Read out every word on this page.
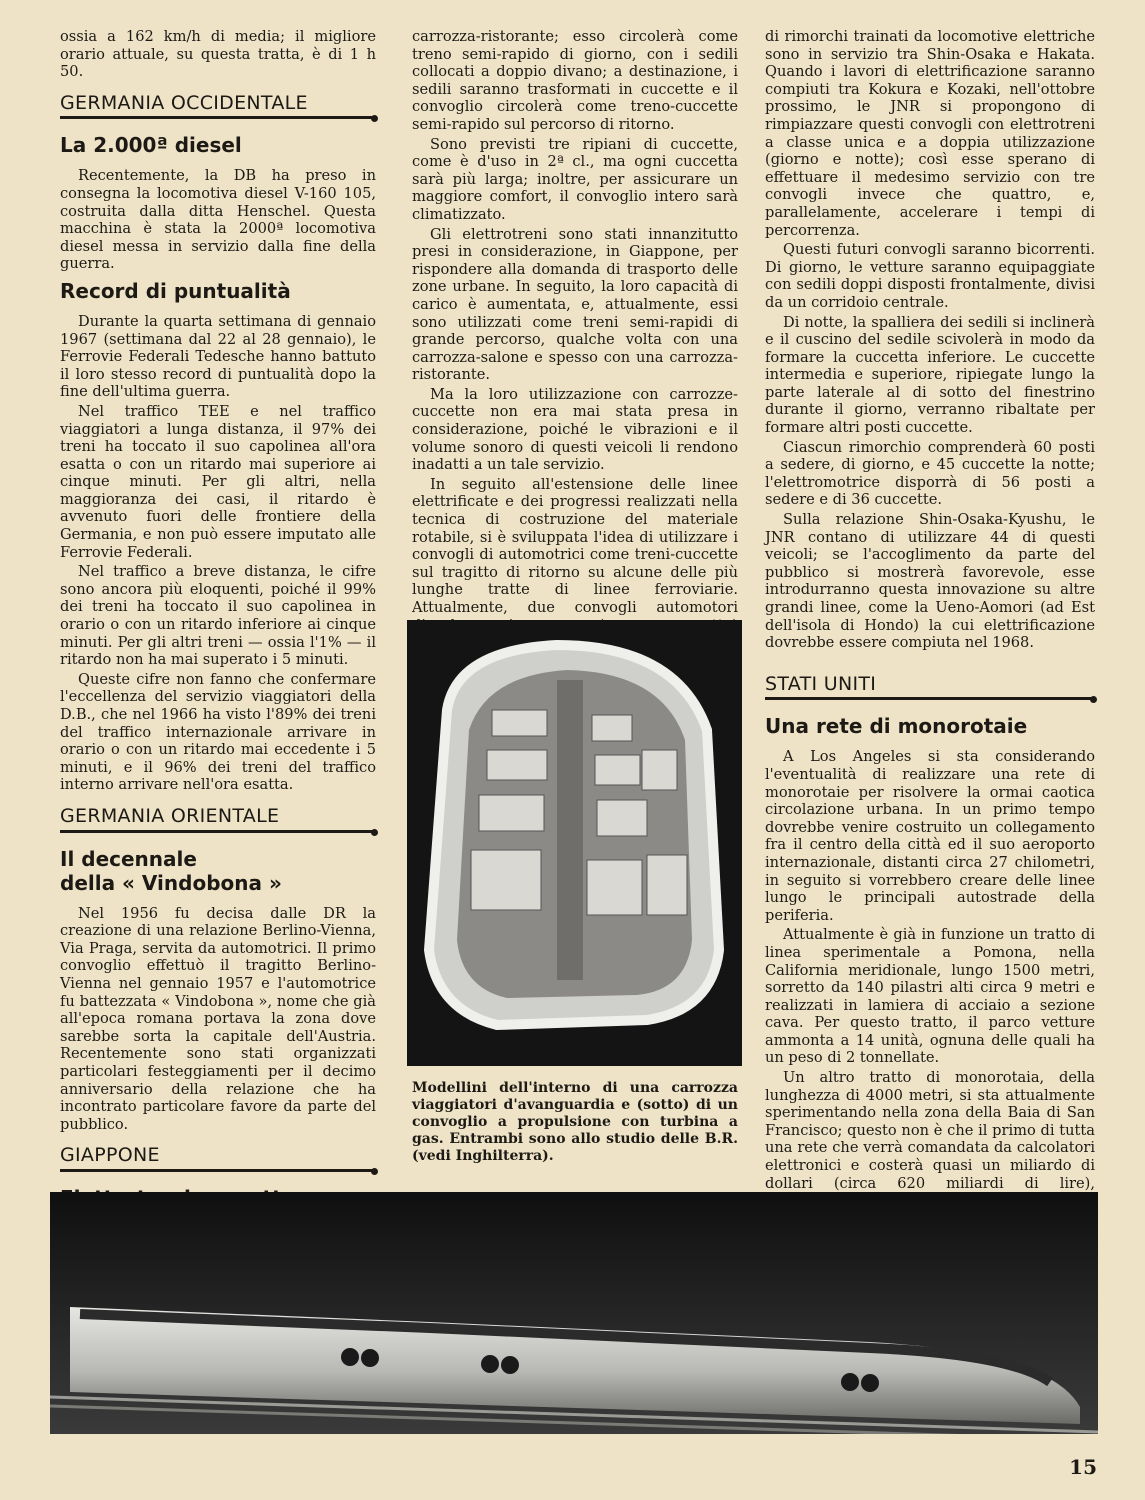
ossia a 162 km/h di media; il migliore orario attuale, su questa tratta, è di 1 h 50.

GERMANIA OCCIDENTALE
La 2.000ª diesel

Recentemente, la DB ha preso in consegna la locomotiva diesel V-160 105, costruita dalla ditta Henschel. Questa macchina è stata la 2000ª locomotiva diesel messa in servizio dalla fine della guerra.

Record di puntualità

Durante la quarta settimana di gennaio 1967 (settimana dal 22 al 28 gennaio), le Ferrovie Federali Tedesche hanno battuto il loro stesso record di puntualità dopo la fine dell'ultima guerra.

Nel traffico TEE e nel traffico viaggiatori a lunga distanza, il 97% dei treni ha toccato il suo capolinea all'ora esatta o con un ritardo mai superiore ai cinque minuti. Per gli altri, nella maggioranza dei casi, il ritardo è avvenuto fuori delle frontiere della Germania, e non può essere imputato alle Ferrovie Federali.

Nel traffico a breve distanza, le cifre sono ancora più eloquenti, poiché il 99% dei treni ha toccato il suo capolinea in orario o con un ritardo inferiore ai cinque minuti. Per gli altri treni — ossia l'1% — il ritardo non ha mai superato i 5 minuti.

Queste cifre non fanno che confermare l'eccellenza del servizio viaggiatori della D.B., che nel 1966 ha visto l'89% dei treni del traffico internazionale arrivare in orario o con un ritardo mai eccedente i 5 minuti, e il 96% dei treni del traffico interno arrivare nell'ora esatta.

GERMANIA ORIENTALE
Il decennale
della « Vindobona »

Nel 1956 fu decisa dalle DR la creazione di una relazione Berlino-Vienna, Via Praga, servita da automotrici. Il primo convoglio effettuò il tragitto Berlino-Vienna nel gennaio 1957 e l'automotrice fu battezzata « Vindobona », nome che già all'epoca romana portava la zona dove sarebbe sorta la capitale dell'Austria. Recentemente sono stati organizzati particolari festeggiamenti per il decimo anniversario della relazione che ha incontrato particolare favore da parte del pubblico.

GIAPPONE

carrozza-ristorante; esso circolerà come treno semi-rapido di giorno, con i sedili collocati a doppio divano; a destinazione, i sedili saranno trasformati in cuccette e il convoglio circolerà come treno-cuccette semi-rapido sul percorso di ritorno.

Sono previsti tre ripiani di cuccette, come è d'uso in 2ª cl., ma ogni cuccetta sarà più larga; inoltre, per assicurare un maggiore comfort, il convoglio intero sarà climatizzato.

Gli elettrotreni sono stati innanzitutto presi in considerazione, in Giappone, per rispondere alla domanda di trasporto delle zone urbane. In seguito, la loro capacità di carico è aumentata, e, attualmente, essi sono utilizzati come treni semi-rapidi di grande percorso, qualche volta con una carrozza-salone e spesso con una carrozza-ristorante.

Ma la loro utilizzazione con carrozze-cuccette non era mai stata presa in considerazione, poiché le vibrazioni e il volume sonoro di questi veicoli li rendono inadatti a un tale servizio.

In seguito all'estensione delle linee elettrificate e dei progressi realizzati nella tecnica di costruzione del materiale rotabile, si è sviluppata l'idea di utilizzare i convogli di automotrici come treni-cuccette sul tragitto di ritorno su alcune delle più lunghe tratte di linee ferroviarie. Attualmente, due convogli automotori

Modellini dell'interno di una carrozza viaggiatori d'avanguardia e (sotto) di un convoglio a propulsione con turbina a gas. Entrambi sono allo studio delle B.R. (vedi Inghilterra).

di rimorchi trainati da locomotive elettriche sono in servizio tra Shin-Osaka e Hakata. Quando i lavori di elettrificazione saranno compiuti tra Kokura e Kozaki, nell'ottobre prossimo, le JNR si propongono di rimpiazzare questi convogli con elettrotreni a classe unica e a doppia utilizzazione (giorno e notte); così esse sperano di effettuare il medesimo servizio con tre convogli invece che quattro, e, parallelamente, accelerare i tempi di percorrenza.

Questi futuri convogli saranno bicorrenti. Di giorno, le vetture saranno equipaggiate con sedili doppi disposti frontalmente, divisi da un corridoio centrale.

Di notte, la spalliera dei sedili si inclinerà e il cuscino del sedile scivolerà in modo da formare la cuccetta inferiore. Le cuccette intermedia e superiore, ripiegate lungo la parte laterale al di sotto del finestrino durante il giorno, verranno ribaltate per formare altri posti cuccette.

Ciascun rimorchio comprenderà 60 posti a sedere, di giorno, e 45 cuccette la notte; l'elettromotrice disporrà di 56 posti a sedere e di 36 cuccette.

Sulla relazione Shin-Osaka-Kyushu, le JNR contano di utilizzare 44 di questi veicoli; se l'accoglimento da parte del pubblico si mostrerà favorevole, esse introdurranno questa innovazione su altre grandi linee, come la Ueno-Aomori (ad Est dell'isola di Hondo) la cui elettrificazione dovrebbe essere compiuta nel 1968.

STATI UNITI
Una rete di monorotaie

A Los Angeles si sta considerando l'eventualità di realizzare una rete di monorotaie per risolvere la ormai caotica circolazione urbana. In un primo tempo dovrebbe venire costruito un collegamento fra il centro della città ed il suo aeroporto internazionale, distanti circa 27 chilometri, in seguito si vorrebbero creare delle linee lungo le principali autostrade della periferia.

Attualmente è già in funzione un tratto di linea sperimentale a Pomona, nella California meridionale, lungo 1500 metri, sorretto da 140 pilastri alti circa 9 metri e realizzati in lamiera di acciaio a sezione cava. Per questo tratto, il parco vetture ammonta a 14 unità, ognuna delle quali ha un peso di 2 tonnellate.

Un altro tratto di monorotaia, della lunghezza di 4000 metri, si sta attualmente sperimentando nella zona della Baia di San Francisco; questo non è che il primo di tutta una rete che verrà comandata da calcolatori elettronici e costerà quasi un miliardo di dollari (circa 620 miliardi di lire),

15
